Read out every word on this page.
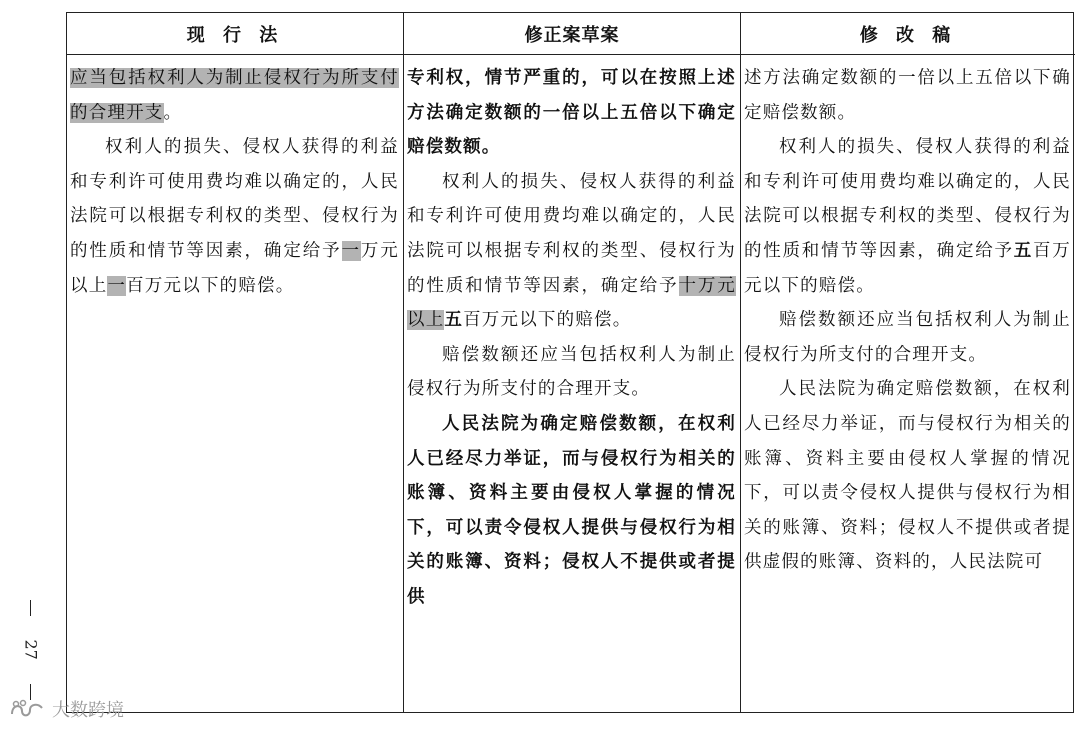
现 行 法

应当包括权利人为制止侵权行为所支付的合理开支。

权利人的损失、侵权人获得的利益和专利许可使用费均难以确定的，人民法院可以根据专利权的类型、侵权行为的性质和情节等因素，确定给予一万元以上一百万元以下的赔偿。

修正案草案

专利权，情节严重的，可以在按照上述方法确定数额的一倍以上五倍以下确定赔偿数额。

权利人的损失、侵权人获得的利益和专利许可使用费均难以确定的，人民法院可以根据专利权的类型、侵权行为的性质和情节等因素，确定给予十万元以上五百万元以下的赔偿。

赔偿数额还应当包括权利人为制止侵权行为所支付的合理开支。

人民法院为确定赔偿数额，在权利人已经尽力举证，而与侵权行为相关的账簿、资料主要由侵权人掌握的情况下，可以责令侵权人提供与侵权行为相关的账簿、资料；侵权人不提供或者提供

修 改 稿

述方法确定数额的一倍以上五倍以下确定赔偿数额。

权利人的损失、侵权人获得的利益和专利许可使用费均难以确定的，人民法院可以根据专利权的类型、侵权行为的性质和情节等因素，确定给予五百万元以下的赔偿。

赔偿数额还应当包括权利人为制止侵权行为所支付的合理开支。

人民法院为确定赔偿数额，在权利人已经尽力举证，而与侵权行为相关的账簿、资料主要由侵权人掌握的情况下，可以责令侵权人提供与侵权行为相关的账簿、资料；侵权人不提供或者提供虚假的账簿、资料的，人民法院可

27
大数跨境
